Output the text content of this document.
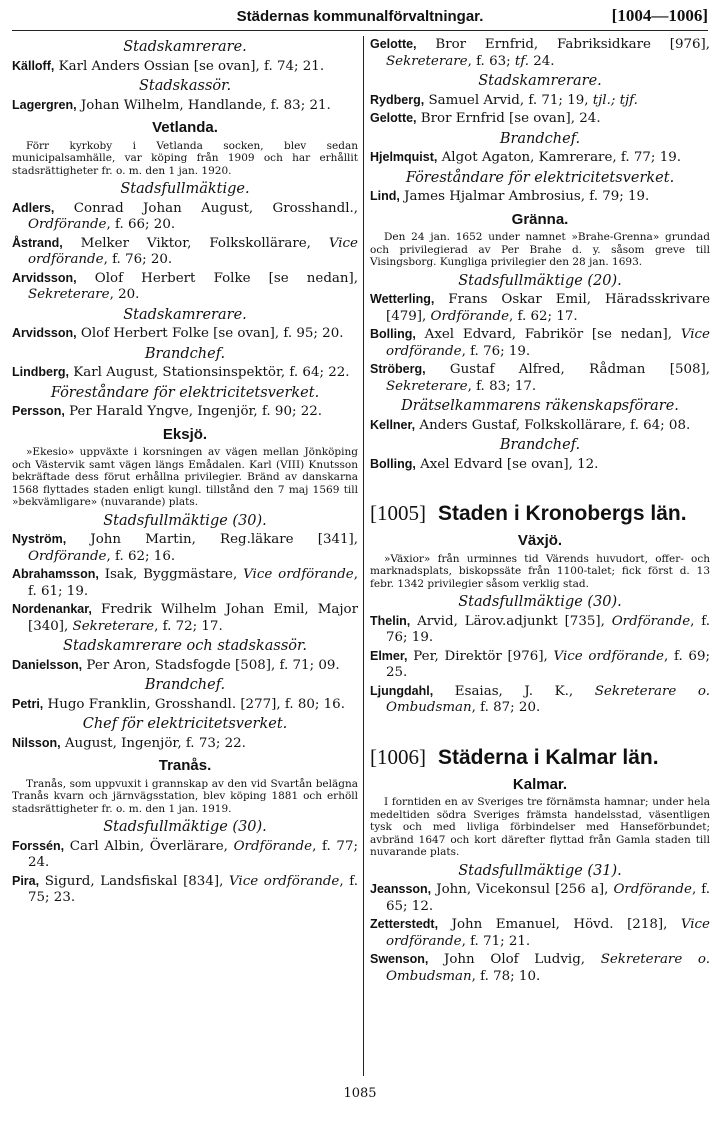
Städernas kommunalförvaltningar.	[1004—1006]
Stadskamrerare.

Källoff, Karl Anders Ossian [se ovan], f. 74; 21.

Stadskassör.

Lagergren, Johan Wilhelm, Handlande, f. 83; 21.

Vetlanda.

Förr kyrkoby i Vetlanda socken, blev sedan municipalsamhälle, var köping från 1909 och har erhållit stadsrättigheter fr. o. m. den 1 jan. 1920.

Stadsfullmäktige.

Adlers, Conrad Johan August, Grosshandl., Ordförande, f. 66; 20.

Åstrand, Melker Viktor, Folkskollärare, Vice ordförande, f. 76; 20.

Arvidsson, Olof Herbert Folke [se nedan], Sekreterare, 20.

Stadskamrerare.

Arvidsson, Olof Herbert Folke [se ovan], f. 95; 20.

Brandchef.

Lindberg, Karl August, Stationsinspektör, f. 64; 22.

Föreståndare för elektricitetsverket.

Persson, Per Harald Yngve, Ingenjör, f. 90; 22.

Eksjö.

»Ekesio» uppväxte i korsningen av vägen mellan Jönköping och Västervik samt vägen längs Emådalen. Karl (VIII) Knutsson bekräftade dess förut erhållna privilegier. Bränd av danskarna 1568 flyttades staden enligt kungl. tillstånd den 7 maj 1569 till »bekvämligare» (nuvarande) plats.

Stadsfullmäktige (30).

Nyström, John Martin, Reg.läkare [341], Ordförande, f. 62; 16.

Abrahamsson, Isak, Byggmästare, Vice ordförande, f. 61; 19.

Nordenankar, Fredrik Wilhelm Johan Emil, Major [340], Sekreterare, f. 72; 17.

Stadskamrerare och stadskassör.

Danielsson, Per Aron, Stadsfogde [508], f. 71; 09.

Brandchef.

Petri, Hugo Franklin, Grosshandl. [277], f. 80; 16.

Chef för elektricitetsverket.

Nilsson, August, Ingenjör, f. 73; 22.

Tranås.

Tranås, som uppvuxit i grannskap av den vid Svartån belägna Tranås kvarn och järnvägsstation, blev köping 1881 och erhöll stadsrättigheter fr. o. m. den 1 jan. 1919.

Stadsfullmäktige (30).

Forssén, Carl Albin, Överlärare, Ordförande, f. 77; 24.

Pira, Sigurd, Landsfiskal [834], Vice ordförande, f. 75; 23.

Gelotte, Bror Ernfrid, Fabriksidkare [976], Sekreterare, f. 63; tf. 24.

Stadskamrerare.

Rydberg, Samuel Arvid, f. 71; 19, tjl.; tjf.

Gelotte, Bror Ernfrid [se ovan], 24.

Brandchef.

Hjelmquist, Algot Agaton, Kamrerare, f. 77; 19.

Föreståndare för elektricitetsverket.

Lind, James Hjalmar Ambrosius, f. 79; 19.

Gränna.

Den 24 jan. 1652 under namnet »Brahe-Grenna» grundad och privilegierad av Per Brahe d. y. såsom greve till Visingsborg. Kungliga privilegier den 28 jan. 1693.

Stadsfullmäktige (20).

Wetterling, Frans Oskar Emil, Häradsskrivare [479], Ordförande, f. 62; 17.

Bolling, Axel Edvard, Fabrikör [se nedan], Vice ordförande, f. 76; 19.

Ströberg, Gustaf Alfred, Rådman [508], Sekreterare, f. 83; 17.

Drätselkammarens räkenskapsförare.

Kellner, Anders Gustaf, Folkskollärare, f. 64; 08.

Brandchef.

Bolling, Axel Edvard [se ovan], 12.

[1005] Staden i Kronobergs län.
Växjö.

»Växior» från urminnes tid Värends huvudort, offer- och marknadsplats, biskopssäte från 1100-talet; fick först d. 13 febr. 1342 privilegier såsom verklig stad.

Stadsfullmäktige (30).

Thelin, Arvid, Lärov.adjunkt [735], Ordförande, f. 76; 19.

Elmer, Per, Direktör [976], Vice ordförande, f. 69; 25.

Ljungdahl, Esaias, J. K., Sekreterare o. Ombudsman, f. 87; 20.

[1006] Städerna i Kalmar län.
Kalmar.

I forntiden en av Sveriges tre förnämsta hamnar; under hela medeltiden södra Sveriges främsta handelsstad, väsentligen tysk och med livliga förbindelser med Hanseförbundet; avbränd 1647 och kort därefter flyttad från Gamla staden till nuvarande plats.

Stadsfullmäktige (31).

Jeansson, John, Vicekonsul [256 a], Ordförande, f. 65; 12.

Zetterstedt, John Emanuel, Hövd. [218], Vice ordförande, f. 71; 21.

Swenson, John Olof Ludvig, Sekreterare o. Ombudsman, f. 78; 10.

1085
